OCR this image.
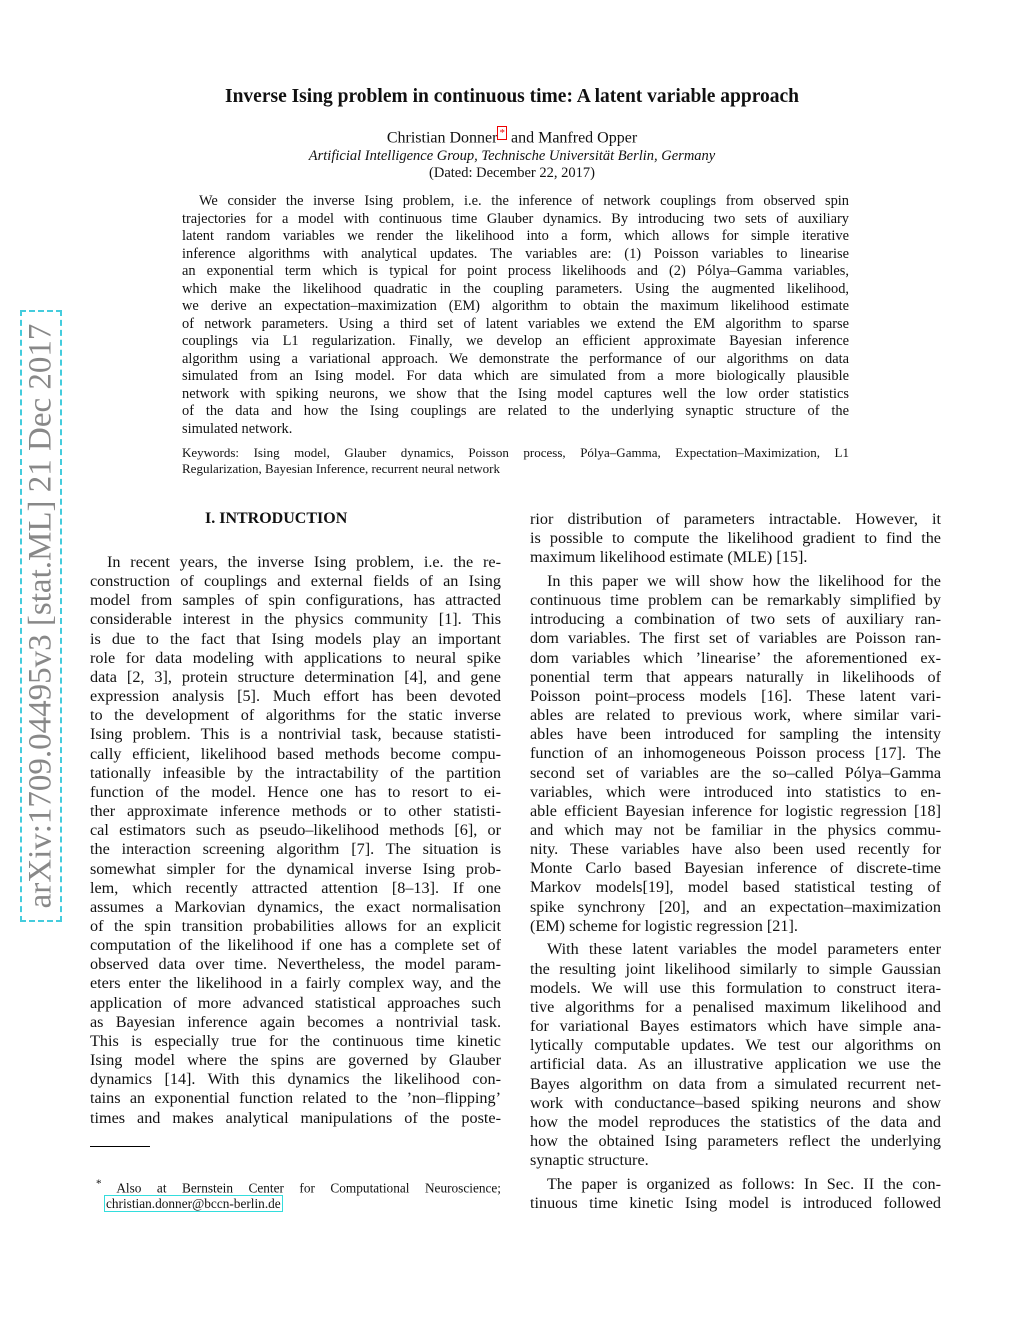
arXiv:1709.04495v3 [stat.ML] 21 Dec 2017
Inverse Ising problem in continuous time: A latent variable approach
Christian Donner * and Manfred Opper
Artificial Intelligence Group, Technische Universität Berlin, Germany
(Dated: December 22, 2017)
We consider the inverse Ising problem, i.e. the inference of network couplings from observed spin
trajectories for a model with continuous time Glauber dynamics. By introducing two sets of auxiliary
latent random variables we render the likelihood into a form, which allows for simple iterative
inference algorithms with analytical updates. The variables are: (1) Poisson variables to linearise
an exponential term which is typical for point process likelihoods and (2) Pólya–Gamma variables,
which make the likelihood quadratic in the coupling parameters. Using the augmented likelihood,
we derive an expectation–maximization (EM) algorithm to obtain the maximum likelihood estimate
of network parameters. Using a third set of latent variables we extend the EM algorithm to sparse
couplings via L1 regularization. Finally, we develop an efficient approximate Bayesian inference
algorithm using a variational approach. We demonstrate the performance of our algorithms on data
simulated from an Ising model. For data which are simulated from a more biologically plausible
network with spiking neurons, we show that the Ising model captures well the low order statistics
of the data and how the Ising couplings are related to the underlying synaptic structure of the
simulated network.
Keywords: Ising model, Glauber dynamics, Poisson process, Pólya–Gamma, Expectation–Maximization, L1
Regularization, Bayesian Inference, recurrent neural network
I. INTRODUCTION
In recent years, the inverse Ising problem, i.e. the re-
construction of couplings and external fields of an Ising
model from samples of spin configurations, has attracted
considerable interest in the physics community [1]. This
is due to the fact that Ising models play an important
role for data modeling with applications to neural spike
data [2, 3], protein structure determination [4], and gene
expression analysis [5]. Much effort has been devoted
to the development of algorithms for the static inverse
Ising problem. This is a nontrivial task, because statisti-
cally efficient, likelihood based methods become compu-
tationally infeasible by the intractability of the partition
function of the model. Hence one has to resort to ei-
ther approximate inference methods or to other statisti-
cal estimators such as pseudo–likelihood methods [6], or
the interaction screening algorithm [7]. The situation is
somewhat simpler for the dynamical inverse Ising prob-
lem, which recently attracted attention [8–13]. If one
assumes a Markovian dynamics, the exact normalisation
of the spin transition probabilities allows for an explicit
computation of the likelihood if one has a complete set of
observed data over time. Nevertheless, the model param-
eters enter the likelihood in a fairly complex way, and the
application of more advanced statistical approaches such
as Bayesian inference again becomes a nontrivial task.
This is especially true for the continuous time kinetic
Ising model where the spins are governed by Glauber
dynamics [14]. With this dynamics the likelihood con-
tains an exponential function related to the ’non–flipping’
times and makes analytical manipulations of the poste-
rior distribution of parameters intractable. However, it
is possible to compute the likelihood gradient to find the
maximum likelihood estimate (MLE) [15].
In this paper we will show how the likelihood for the
continuous time problem can be remarkably simplified by
introducing a combination of two sets of auxiliary ran-
dom variables. The first set of variables are Poisson ran-
dom variables which ’linearise’ the aforementioned ex-
ponential term that appears naturally in likelihoods of
Poisson point–process models [16]. These latent vari-
ables are related to previous work, where similar vari-
ables have been introduced for sampling the intensity
function of an inhomogeneous Poisson process [17]. The
second set of variables are the so–called Pólya–Gamma
variables, which were introduced into statistics to en-
able efficient Bayesian inference for logistic regression [18]
and which may not be familiar in the physics commu-
nity. These variables have also been used recently for
Monte Carlo based Bayesian inference of discrete-time
Markov models[19], model based statistical testing of
spike synchrony [20], and an expectation–maximization
(EM) scheme for logistic regression [21].
With these latent variables the model parameters enter
the resulting joint likelihood similarly to simple Gaussian
models. We will use this formulation to construct itera-
tive algorithms for a penalised maximum likelihood and
for variational Bayes estimators which have simple ana-
lytically computable updates. We test our algorithms on
artificial data. As an illustrative application we use the
Bayes algorithm on data from a simulated recurrent net-
work with conductance–based spiking neurons and show
how the model reproduces the statistics of the data and
how the obtained Ising parameters reflect the underlying
synaptic structure.
The paper is organized as follows: In Sec. II the con-
tinuous time kinetic Ising model is introduced followed
* Also at Bernstein Center for Computational Neuroscience;
christian.donner@bccn-berlin.de
